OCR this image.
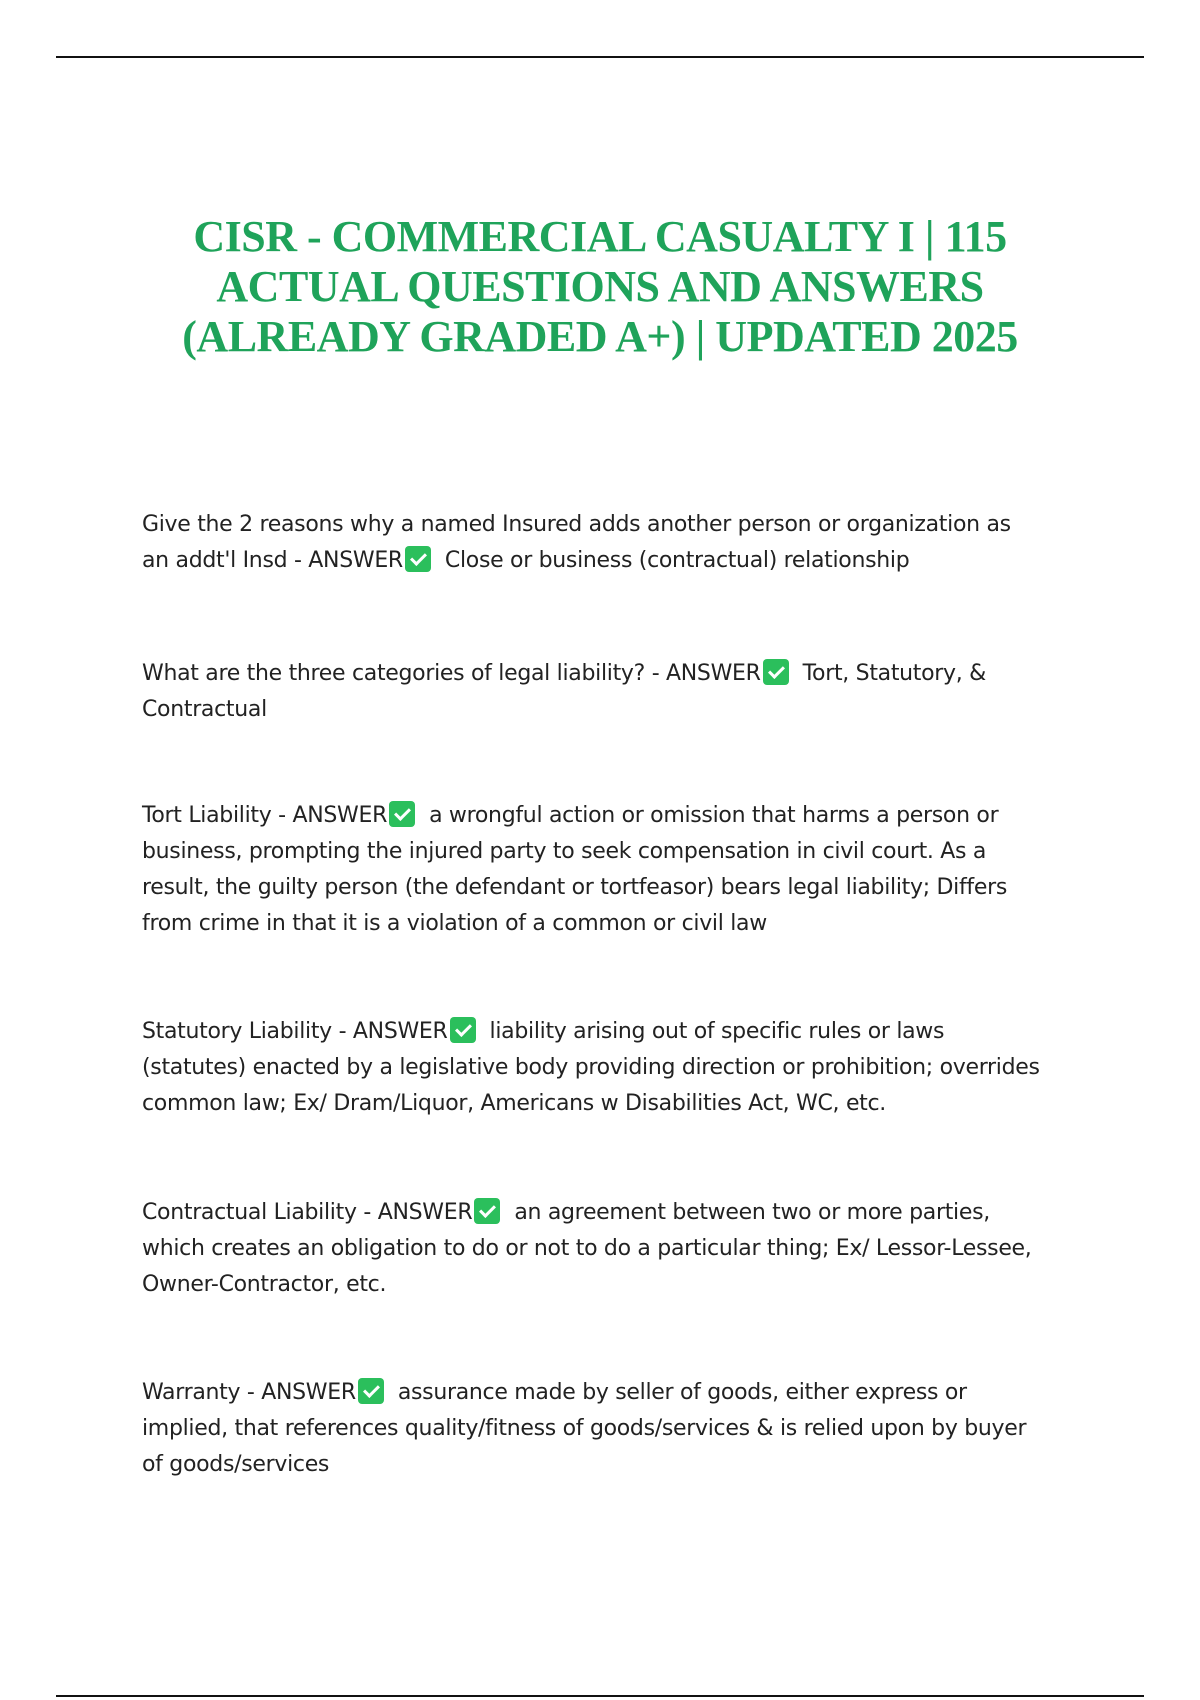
CISR - COMMERCIAL CASUALTY I | 115
ACTUAL QUESTIONS AND ANSWERS
(ALREADY GRADED A+) | UPDATED 2025

Give the 2 reasons why a named Insured adds another person or organization as an addt'l Insd - ANSWER Close or business (contractual) relationship

What are the three categories of legal liability? - ANSWER Tort, Statutory, & Contractual

Tort Liability - ANSWER a wrongful action or omission that harms a person or business, prompting the injured party to seek compensation in civil court. As a result, the guilty person (the defendant or tortfeasor) bears legal liability; Differs from crime in that it is a violation of a common or civil law

Statutory Liability - ANSWER liability arising out of specific rules or laws (statutes) enacted by a legislative body providing direction or prohibition; overrides common law; Ex/ Dram/Liquor, Americans w Disabilities Act, WC, etc.

Contractual Liability - ANSWER an agreement between two or more parties, which creates an obligation to do or not to do a particular thing; Ex/ Lessor-Lessee, Owner-Contractor, etc.

Warranty - ANSWER assurance made by seller of goods, either express or implied, that references quality/fitness of goods/services & is relied upon by buyer of goods/services
